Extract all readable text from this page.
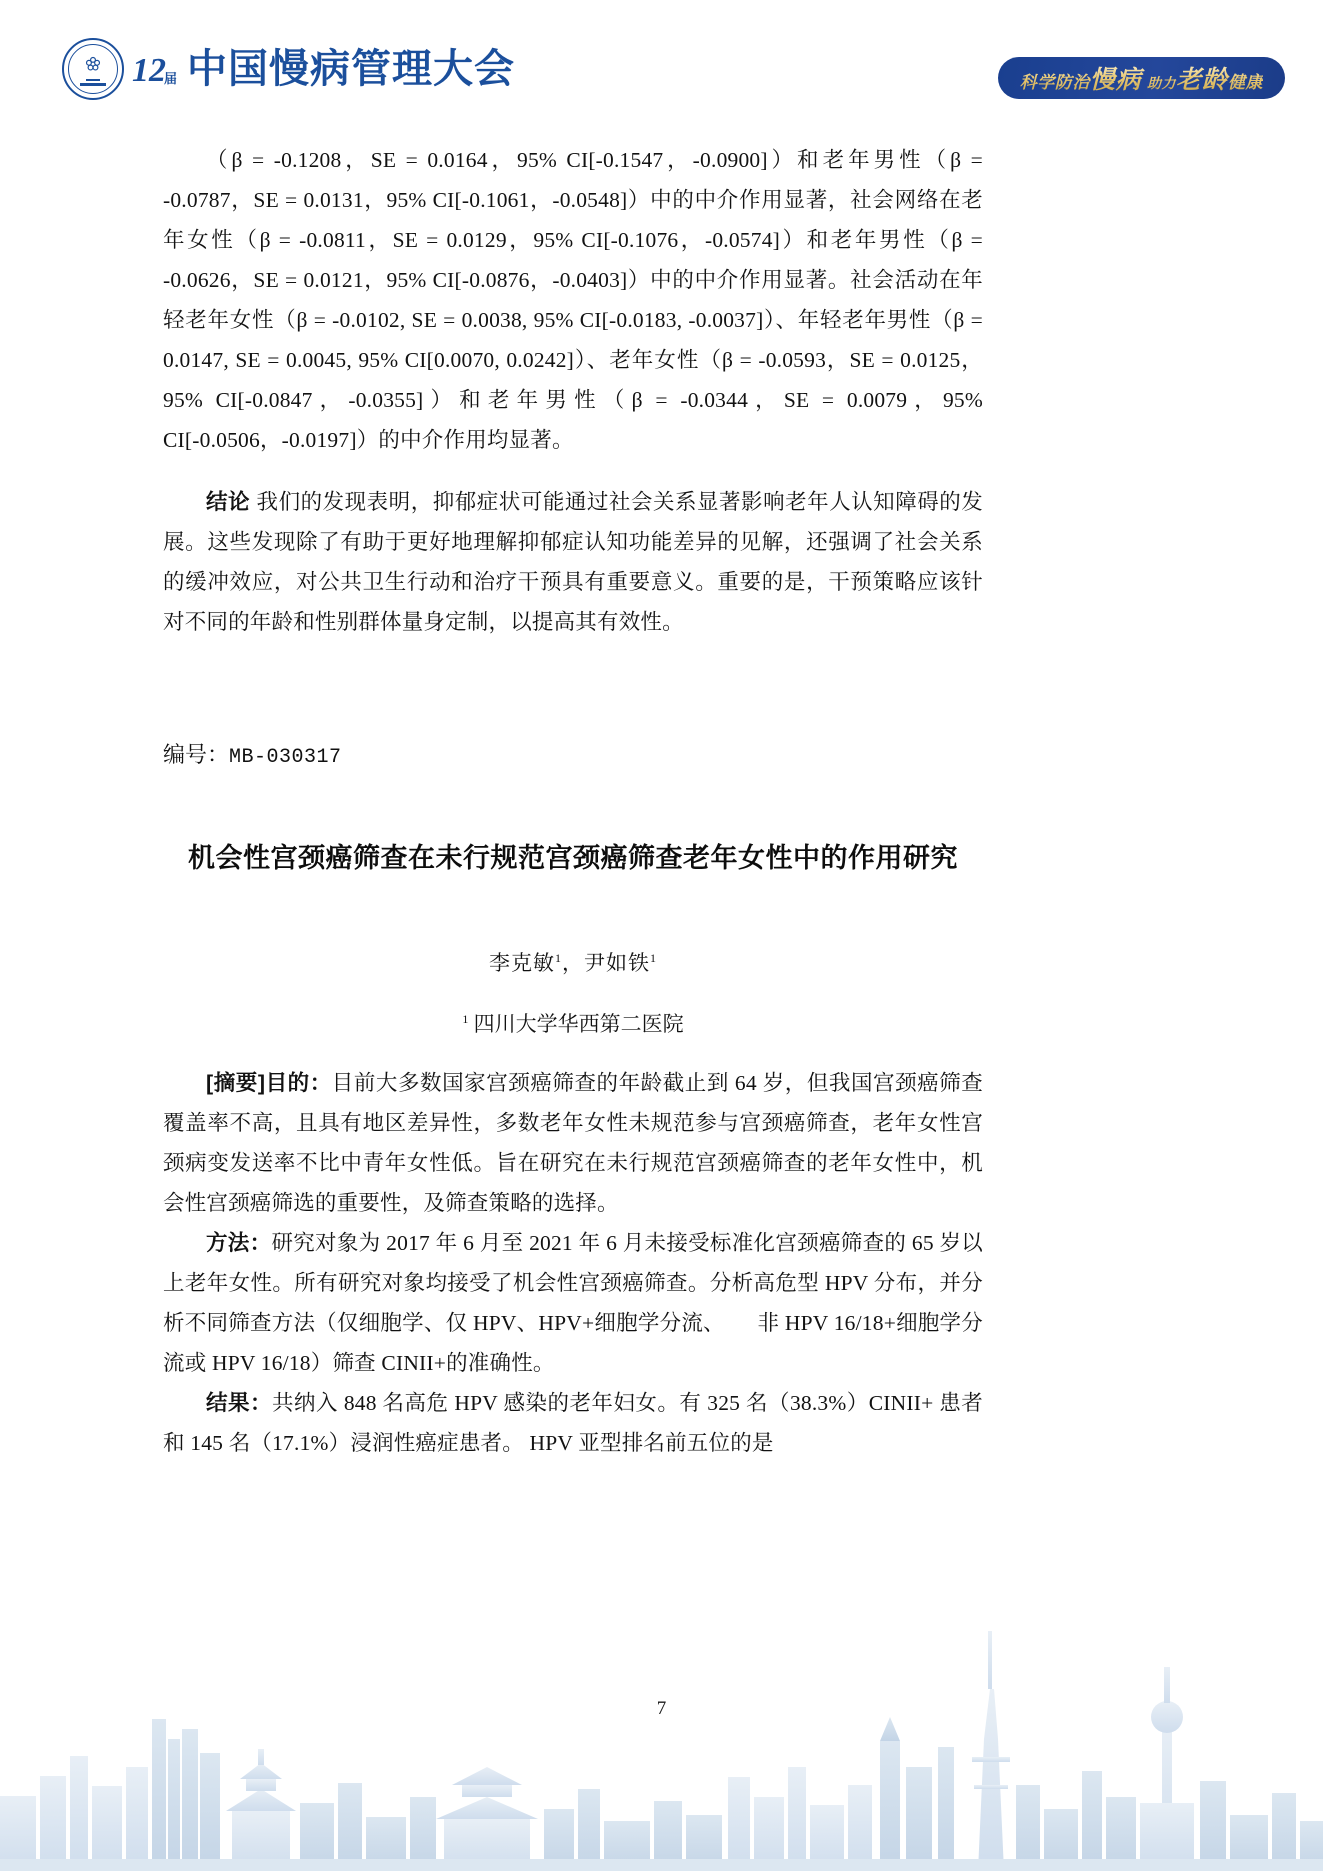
$12_届$ 中国慢病管理大会	科学防治慢病 助力老龄健康

（β = -0.1208，SE = 0.0164，95% CI[-0.1547，-0.0900]）和老年男性（β = -0.0787，SE = 0.0131，95% CI[-0.1061，-0.0548]）中的中介作用显著，社会网络在老年女性（β = -0.0811，SE = 0.0129，95% CI[-0.1076，-0.0574]）和老年男性（β = -0.0626，SE = 0.0121，95% CI[-0.0876，-0.0403]）中的中介作用显著。社会活动在年轻老年女性（β = -0.0102, SE = 0.0038, 95% CI[-0.0183, -0.0037]）、年轻老年男性（β = 0.0147, SE = 0.0045, 95% CI[0.0070, 0.0242]）、老年女性（β = -0.0593，SE = 0.0125，95% CI[-0.0847，-0.0355]）和老年男性（β = -0.0344，SE = 0.0079，95% CI[-0.0506，-0.0197]）的中介作用均显著。

结论 我们的发现表明，抑郁症状可能通过社会关系显著影响老年人认知障碍的发展。这些发现除了有助于更好地理解抑郁症认知功能差异的见解，还强调了社会关系的缓冲效应，对公共卫生行动和治疗干预具有重要意义。重要的是，干预策略应该针对不同的年龄和性别群体量身定制，以提高其有效性。

编号：MB-030317

机会性宫颈癌筛查在未行规范宫颈癌筛查老年女性中的作用研究

李克敏$^1$，尹如铁$^1$

$^1$ 四川大学华西第二医院

[摘要]目的：目前大多数国家宫颈癌筛查的年龄截止到 64 岁，但我国宫颈癌筛查覆盖率不高，且具有地区差异性，多数老年女性未规范参与宫颈癌筛查，老年女性宫颈病变发送率不比中青年女性低。旨在研究在未行规范宫颈癌筛查的老年女性中，机会性宫颈癌筛选的重要性，及筛查策略的选择。

方法：研究对象为 2017 年 6 月至 2021 年 6 月未接受标准化宫颈癌筛查的 65 岁以上老年女性。所有研究对象均接受了机会性宫颈癌筛查。分析高危型 HPV 分布，并分析不同筛查方法（仅细胞学、仅 HPV、HPV+细胞学分流、　　非 HPV 16/18+细胞学分流或 HPV 16/18）筛查 CINII+的准确性。

结果：共纳入 848 名高危 HPV 感染的老年妇女。有 325 名（38.3%）CINII+ 患者和 145 名（17.1%）浸润性癌症患者。 HPV 亚型排名前五位的是

7
